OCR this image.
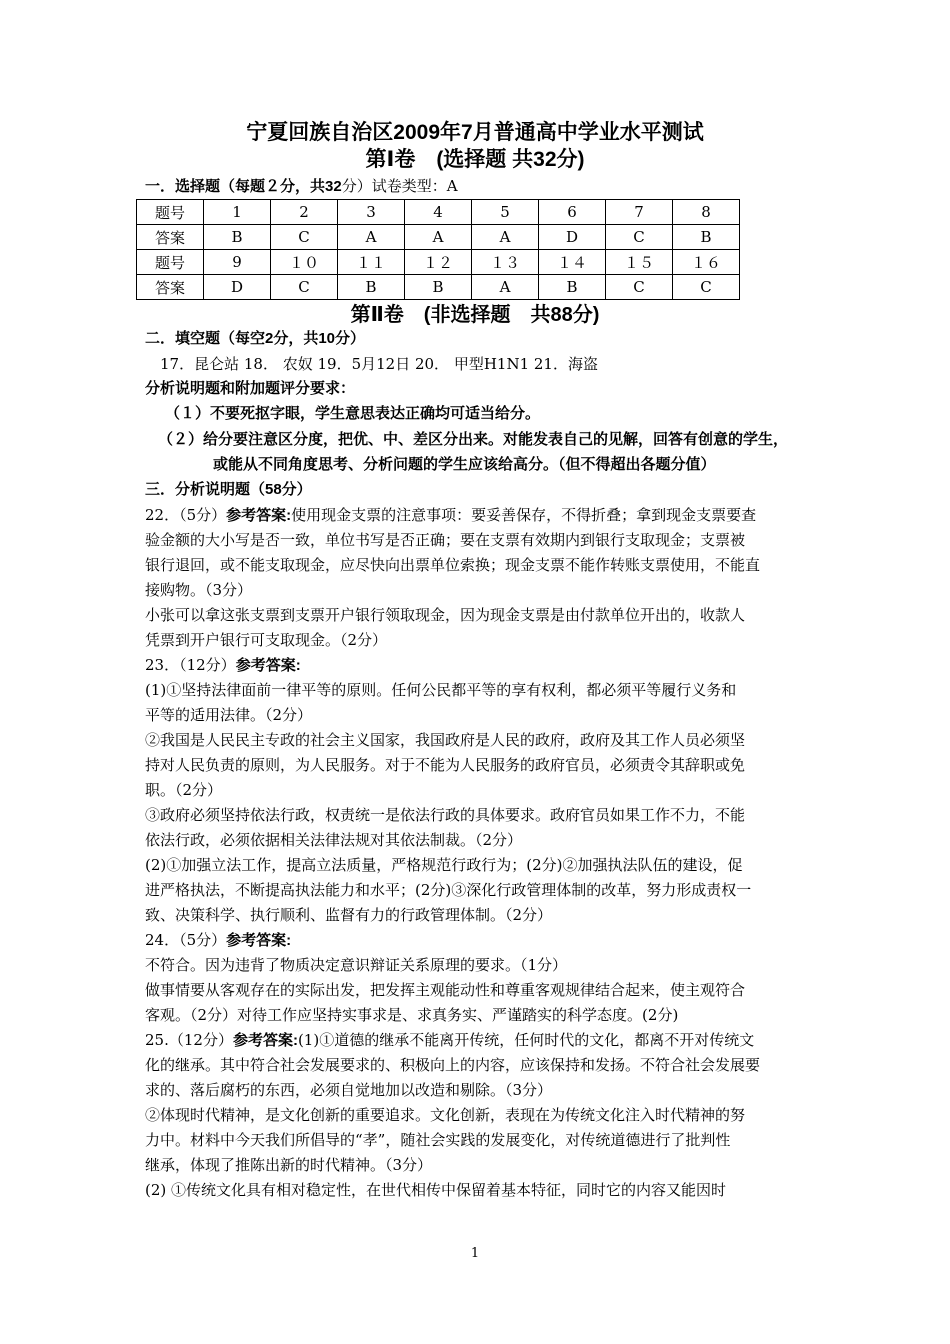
宁夏回族自治区2009年7月普通高中学业水平测试
第Ⅰ卷　(选择题 共32分)
一．选择题（每题２分，共32分）试卷类型：A
题号	1	2	3	4	5	6	7	8
答案	B	C	A	A	A	D	C	B
题号	9	１０	１１	１２	１３	１４	１５	１６
答案	D	C	B	B	A	B	C	C
第Ⅱ卷　(非选择题　共88分)
二．填空题（每空2分，共10分）
17．昆仑站 18． 农奴 19．5月12日 20． 甲型H1N1 21．海盗
分析说明题和附加题评分要求：
（１）不要死抠字眼，学生意思表达正确均可适当给分。
（２）给分要注意区分度，把优、中、差区分出来。对能发表自己的见解，回答有创意的学生，
或能从不同角度思考、分析问题的学生应该给高分。（但不得超出各题分值）
三．分析说明题（58分）
22．（5分）参考答案:使用现金支票的注意事项：要妥善保存，不得折叠；拿到现金支票要查
验金额的大小写是否一致，单位书写是否正确；要在支票有效期内到银行支取现金；支票被
银行退回，或不能支取现金，应尽快向出票单位索换；现金支票不能作转账支票使用，不能直
接购物。（3分）
小张可以拿这张支票到支票开户银行领取现金，因为现金支票是由付款单位开出的，收款人
凭票到开户银行可支取现金。（2分）
23．（12分）参考答案:
(1)①坚持法律面前一律平等的原则。任何公民都平等的享有权利，都必须平等履行义务和
平等的适用法律。（2分）
②我国是人民民主专政的社会主义国家，我国政府是人民的政府，政府及其工作人员必须坚
持对人民负责的原则，为人民服务。对于不能为人民服务的政府官员，必须责令其辞职或免
职。（2分）
③政府必须坚持依法行政，权责统一是依法行政的具体要求。政府官员如果工作不力，不能
依法行政，必须依据相关法律法规对其依法制裁。（2分）
(2)①加强立法工作，提高立法质量，严格规范行政行为；(2分)②加强执法队伍的建设，促
进严格执法，不断提高执法能力和水平；(2分)③深化行政管理体制的改革，努力形成责权一
致、决策科学、执行顺利、监督有力的行政管理体制。（2分）
24．（5分）参考答案:
不符合。因为违背了物质决定意识辩证关系原理的要求。（1分）
做事情要从客观存在的实际出发，把发挥主观能动性和尊重客观规律结合起来，使主观符合
客观。（2分）对待工作应坚持实事求是、求真务实、严谨踏实的科学态度。(2分)
25.（12分）参考答案:(1)①道德的继承不能离开传统，任何时代的文化，都离不开对传统文
化的继承。其中符合社会发展要求的、积极向上的内容，应该保持和发扬。不符合社会发展要
求的、落后腐朽的东西，必须自觉地加以改造和剔除。（3分）
②体现时代精神，是文化创新的重要追求。文化创新，表现在为传统文化注入时代精神的努
力中。材料中今天我们所倡导的“孝”，随社会实践的发展变化，对传统道德进行了批判性
继承，体现了推陈出新的时代精神。（3分）
(2) ①传统文化具有相对稳定性，在世代相传中保留着基本特征，同时它的内容又能因时
1
